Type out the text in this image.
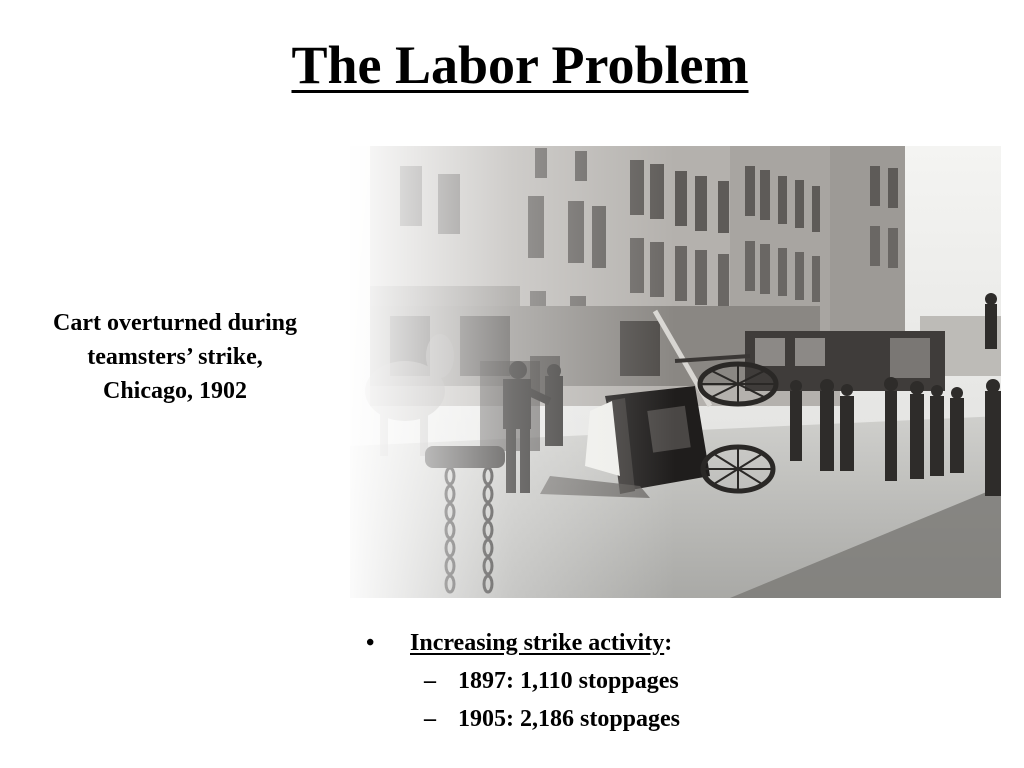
The Labor Problem
Cart overturned during
teamsters’ strike,
Chicago, 1902
• Increasing strike activity:
– 1897: 1,110 stoppages
– 1905: 2,186 stoppages
